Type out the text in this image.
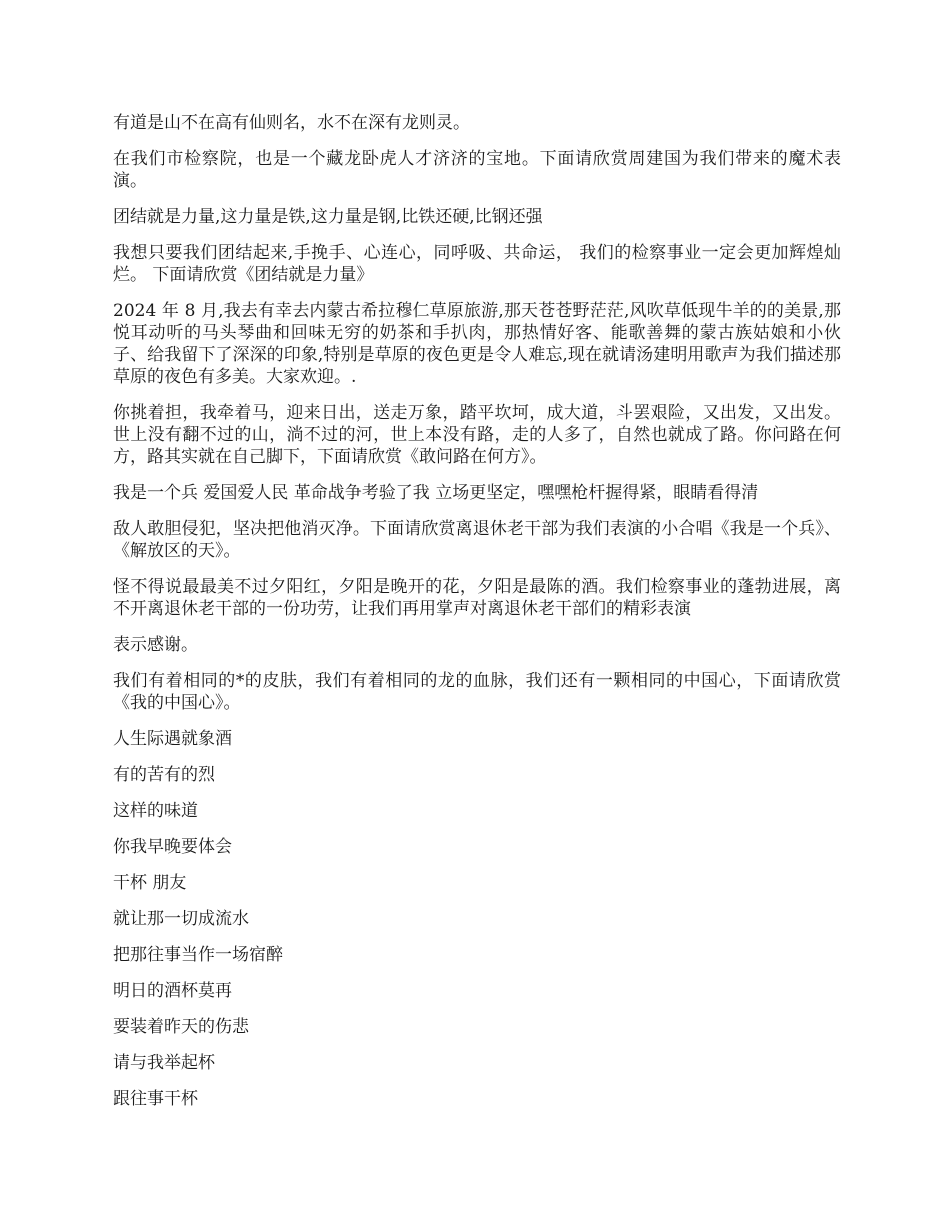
有道是山不在高有仙则名，水不在深有龙则灵。

在我们市检察院，也是一个藏龙卧虎人才济济的宝地。下面请欣赏周建国为我们带来的魔术表演。

团结就是力量,这力量是铁,这力量是钢,比铁还硬,比钢还强

我想只要我们团结起来,手挽手、心连心，同呼吸、共命运， 我们的检察事业一定会更加辉煌灿烂。 下面请欣赏《团结就是力量》

2024 年 8 月,我去有幸去内蒙古希拉穆仁草原旅游,那天苍苍野茫茫,风吹草低现牛羊的的美景,那悦耳动听的马头琴曲和回味无穷的奶茶和手扒肉，那热情好客、能歌善舞的蒙古族姑娘和小伙子、给我留下了深深的印象,特别是草原的夜色更是令人难忘,现在就请汤建明用歌声为我们描述那草原的夜色有多美。大家欢迎。.

你挑着担，我牵着马，迎来日出，送走万象，踏平坎坷，成大道，斗罢艰险，又出发，又出发。世上没有翻不过的山，淌不过的河，世上本没有路，走的人多了，自然也就成了路。你问路在何方，路其实就在自己脚下，下面请欣赏《敢问路在何方》。

我是一个兵 爱国爱人民 革命战争考验了我 立场更坚定，嘿嘿枪杆握得紧，眼睛看得清

敌人敢胆侵犯，坚决把他消灭净。下面请欣赏离退休老干部为我们表演的小合唱《我是一个兵》、《解放区的天》。

怪不得说最最美不过夕阳红，夕阳是晚开的花，夕阳是最陈的酒。我们检察事业的蓬勃进展，离不开离退休老干部的一份功劳，让我们再用掌声对离退休老干部们的精彩表演

表示感谢。

我们有着相同的*的皮肤，我们有着相同的龙的血脉，我们还有一颗相同的中国心，下面请欣赏《我的中国心》。

人生际遇就象酒

有的苦有的烈

这样的味道

你我早晚要体会

干杯 朋友

就让那一切成流水

把那往事当作一场宿醉

明日的酒杯莫再

要装着昨天的伤悲

请与我举起杯

跟往事干杯
